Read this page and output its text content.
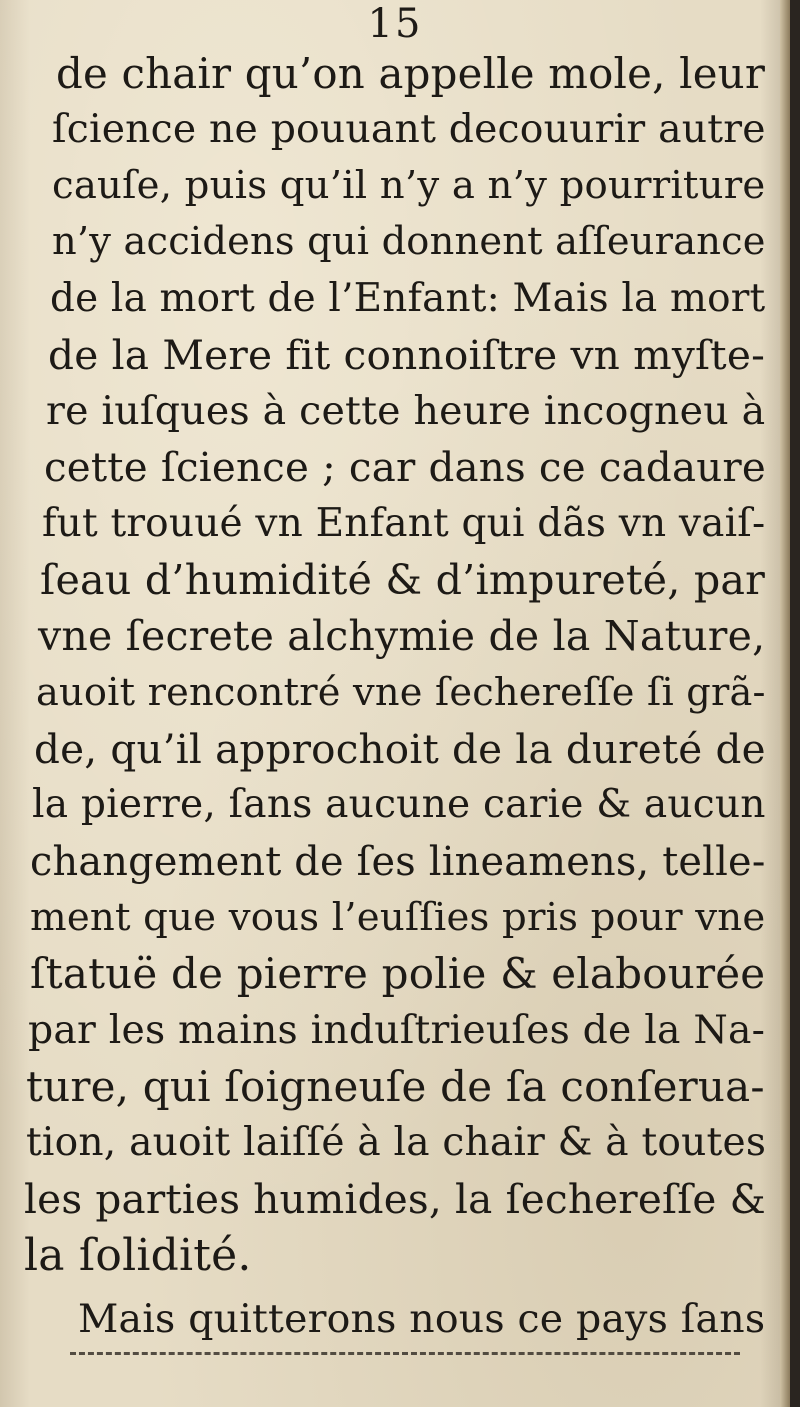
15
de chair qu’on appelle mole, leur
ſcience ne pouuant decouurir autre
cauſe, puis qu’il n’y a n’y pourriture
n’y accidens qui donnent aſſeurance
de la mort de l’Enfant: Mais la mort
de la Mere fit connoiſtre vn myſte-
re iuſques à cette heure incogneu à
cette ſcience ; car dans ce cadaure
fut trouué vn Enfant qui dãs vn vaiſ-
ſeau d’humidité & d’impureté, par
vne ſecrete alchymie de la Nature,
auoit rencontré vne ſechereſſe ſi grã-
de, qu’il approchoit de la dureté de
la pierre, ſans aucune carie & aucun
changement de ſes lineamens, telle-
ment que vous l’euſſies pris pour vne
ſtatuë de pierre polie & elabourée
par les mains induſtrieuſes de la Na-
ture, qui ſoigneuſe de ſa conſerua-
tion, auoit laiſſé à la chair & à toutes
les parties humides, la ſechereſſe &
la ſolidité.
Mais quitterons nous ce pays ſans
